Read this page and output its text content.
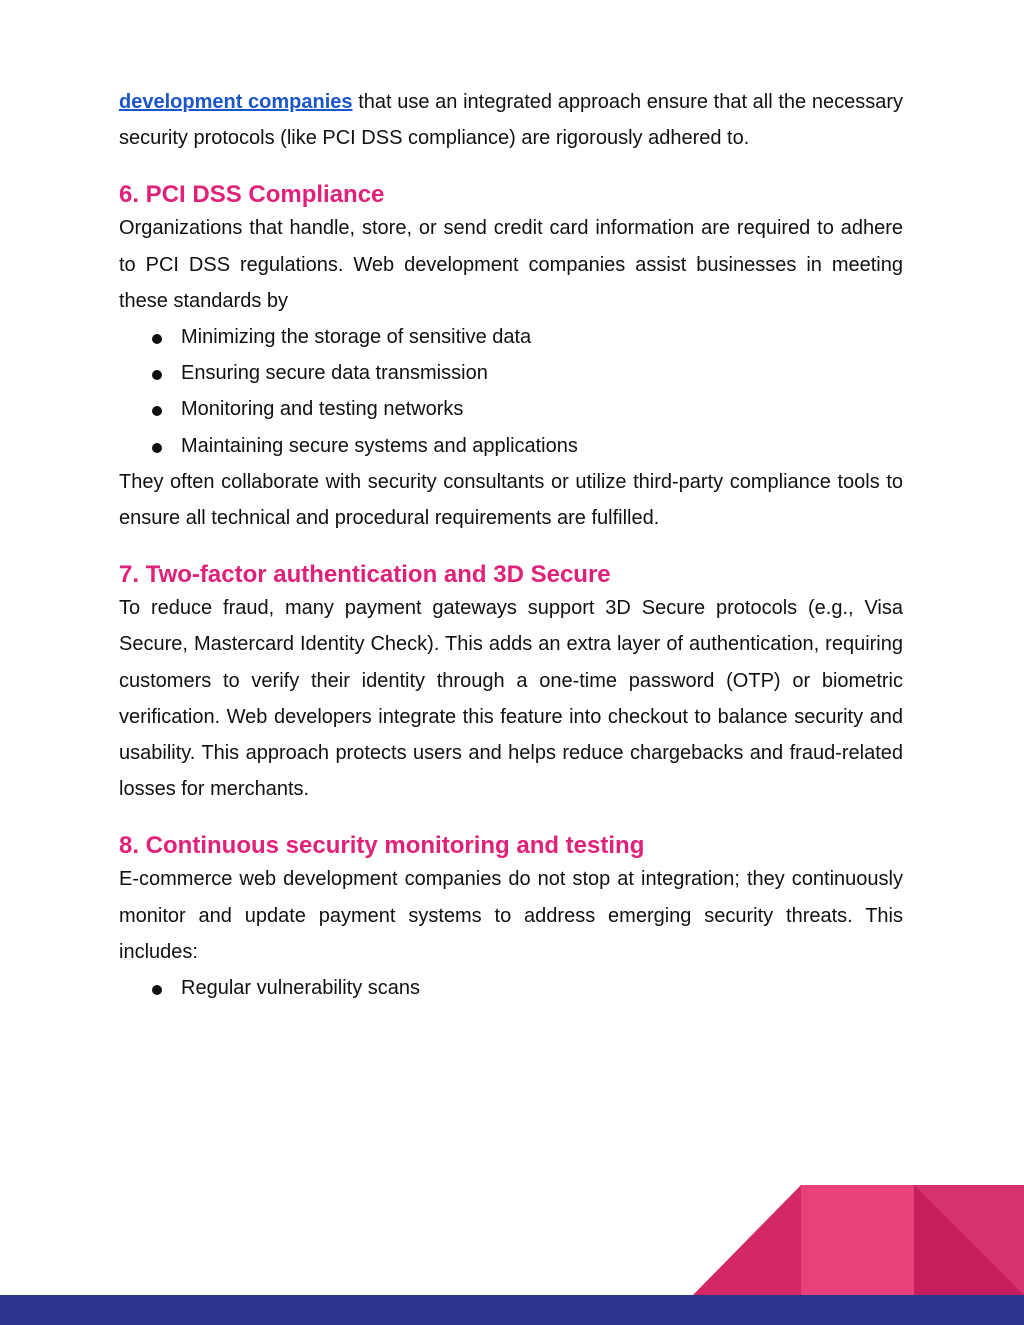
development companies that use an integrated approach ensure that all the necessary security protocols (like PCI DSS compliance) are rigorously adhered to.

6. PCI DSS Compliance

Organizations that handle, store, or send credit card information are required to adhere to PCI DSS regulations. Web development companies assist businesses in meeting these standards by

Minimizing the storage of sensitive data
Ensuring secure data transmission
Monitoring and testing networks
Maintaining secure systems and applications

They often collaborate with security consultants or utilize third-party compliance tools to ensure all technical and procedural requirements are fulfilled.

7. Two-factor authentication and 3D Secure

To reduce fraud, many payment gateways support 3D Secure protocols (e.g., Visa Secure, Mastercard Identity Check). This adds an extra layer of authentication, requiring customers to verify their identity through a one-time password (OTP) or biometric verification. Web developers integrate this feature into checkout to balance security and usability. This approach protects users and helps reduce chargebacks and fraud-related losses for merchants.

8. Continuous security monitoring and testing

E-commerce web development companies do not stop at integration; they continuously monitor and update payment systems to address emerging security threats. This includes:

Regular vulnerability scans
